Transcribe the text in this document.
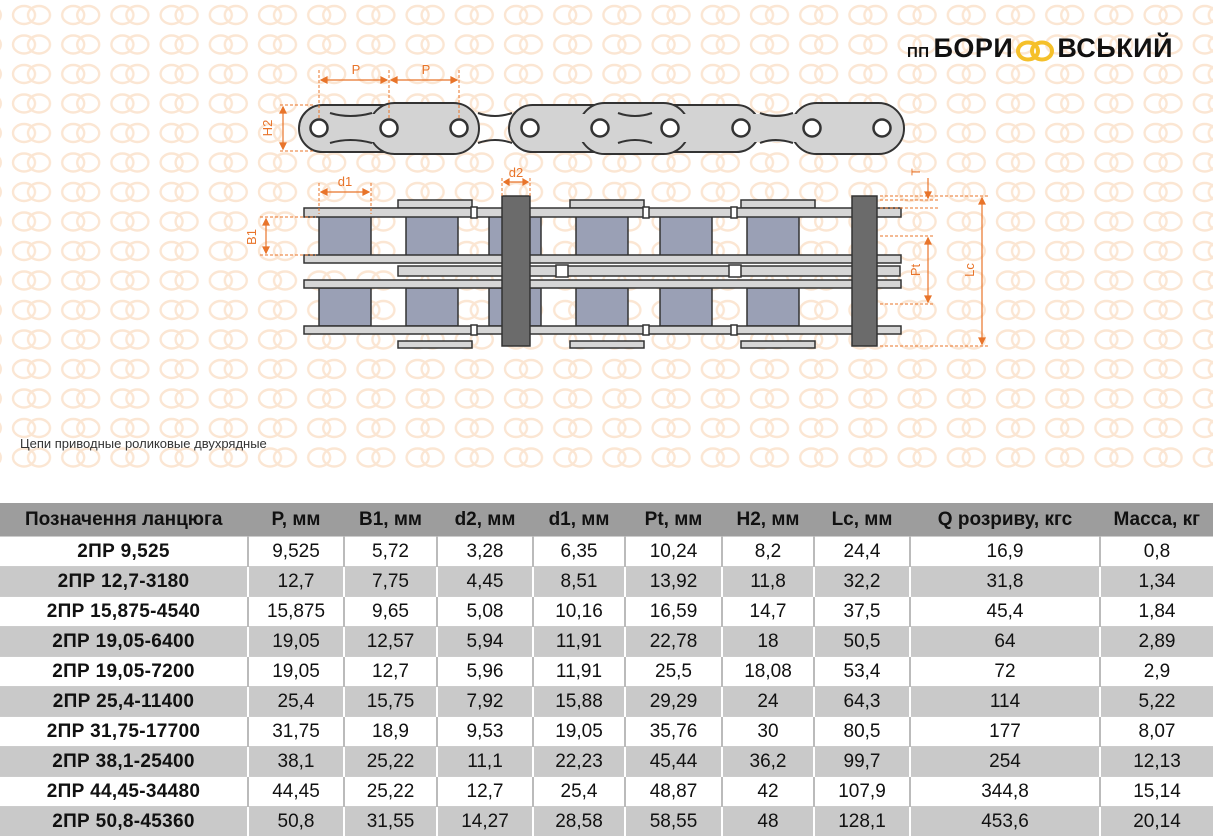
ПП БОРИ ВСЬКИЙ
P	P
H2
d1
d2
B1
T
Pt	Lc
Цепи приводные роликовые двухрядные
Позначення ланцюга	P, мм	B1, мм	d2, мм	d1, мм	Pt, мм	H2, мм	Lc, мм	Q розриву, кгс	Масса, кг
2ПР 9,525	9,525	5,72	3,28	6,35	10,24	8,2	24,4	16,9	0,8
2ПР 12,7-3180	12,7	7,75	4,45	8,51	13,92	11,8	32,2	31,8	1,34
2ПР 15,875-4540	15,875	9,65	5,08	10,16	16,59	14,7	37,5	45,4	1,84
2ПР 19,05-6400	19,05	12,57	5,94	11,91	22,78	18	50,5	64	2,89
2ПР 19,05-7200	19,05	12,7	5,96	11,91	25,5	18,08	53,4	72	2,9
2ПР 25,4-11400	25,4	15,75	7,92	15,88	29,29	24	64,3	114	5,22
2ПР 31,75-17700	31,75	18,9	9,53	19,05	35,76	30	80,5	177	8,07
2ПР 38,1-25400	38,1	25,22	11,1	22,23	45,44	36,2	99,7	254	12,13
2ПР 44,45-34480	44,45	25,22	12,7	25,4	48,87	42	107,9	344,8	15,14
2ПР 50,8-45360	50,8	31,55	14,27	28,58	58,55	48	128,1	453,6	20,14
